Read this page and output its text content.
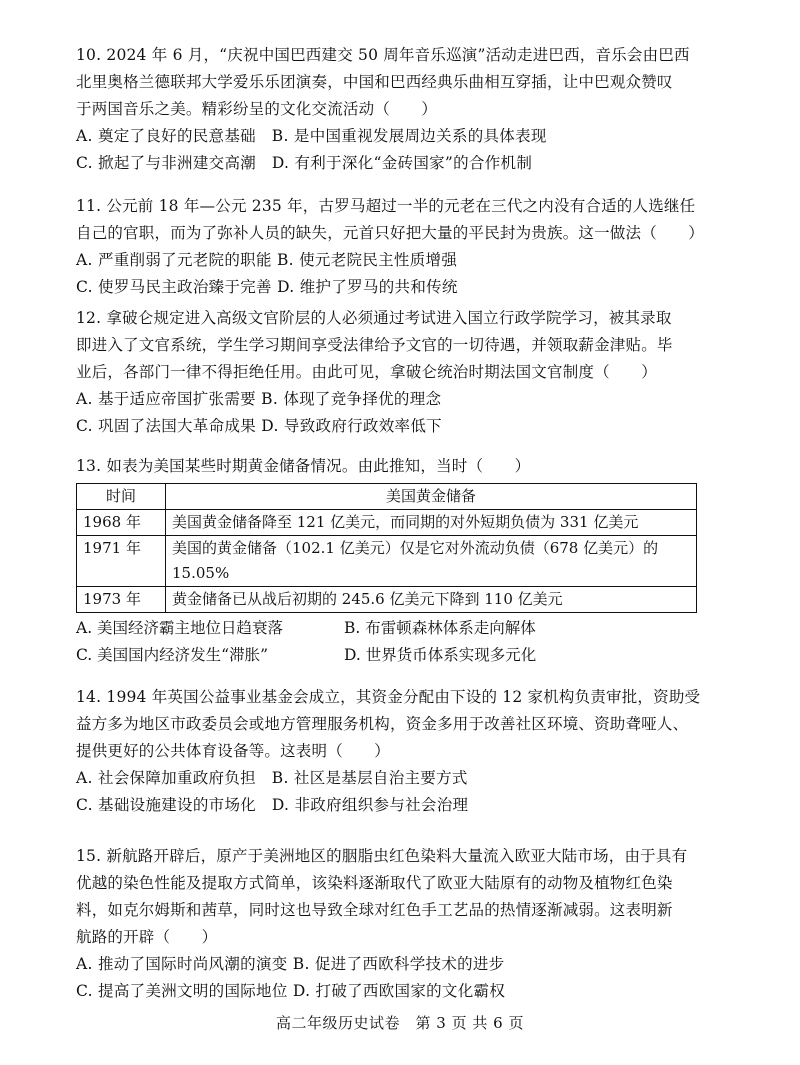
10. 2024 年 6 月，“庆祝中国巴西建交 50 周年音乐巡演”活动走进巴西，音乐会由巴西
北里奥格兰德联邦大学爱乐乐团演奏，中国和巴西经典乐曲相互穿插，让中巴观众赞叹
于两国音乐之美。精彩纷呈的文化交流活动（　　）
A. 奠定了良好的民意基础　B. 是中国重视发展周边关系的具体表现
C. 掀起了与非洲建交高潮　D. 有利于深化“金砖国家”的合作机制
11. 公元前 18 年—公元 235 年，古罗马超过一半的元老在三代之内没有合适的人选继任
自己的官职，而为了弥补人员的缺失，元首只好把大量的平民封为贵族。这一做法（　　）
A. 严重削弱了元老院的职能 B. 使元老院民主性质增强
C. 使罗马民主政治臻于完善 D. 维护了罗马的共和传统
12. 拿破仑规定进入高级文官阶层的人必须通过考试进入国立行政学院学习，被其录取
即进入了文官系统，学生学习期间享受法律给予文官的一切待遇，并领取薪金津贴。毕
业后，各部门一律不得拒绝任用。由此可见，拿破仑统治时期法国文官制度（　　）
A. 基于适应帝国扩张需要 B. 体现了竞争择优的理念
C. 巩固了法国大革命成果 D. 导致政府行政效率低下
13. 如表为美国某些时期黄金储备情况。由此推知，当时（　　）
时间	美国黄金储备
1968 年	美国黄金储备降至 121 亿美元，而同期的对外短期负债为 331 亿美元
1971 年	美国的黄金储备（102.1 亿美元）仅是它对外流动负债（678 亿美元）的 15.05%
1973 年	黄金储备已从战后初期的 245.6 亿美元下降到 110 亿美元
A. 美国经济霸主地位日趋衰落	B. 布雷顿森林体系走向解体
C. 美国国内经济发生“滞胀”	D. 世界货币体系实现多元化
14. 1994 年英国公益事业基金会成立，其资金分配由下设的 12 家机构负责审批，资助受
益方多为地区市政委员会或地方管理服务机构，资金多用于改善社区环境、资助聋哑人、
提供更好的公共体育设备等。这表明（　　）
A. 社会保障加重政府负担　B. 社区是基层自治主要方式
C. 基础设施建设的市场化　D. 非政府组织参与社会治理
15. 新航路开辟后，原产于美洲地区的胭脂虫红色染料大量流入欧亚大陆市场，由于具有
优越的染色性能及提取方式简单，该染料逐渐取代了欧亚大陆原有的动物及植物红色染
料，如克尔姆斯和茜草，同时这也导致全球对红色手工艺品的热情逐渐减弱。这表明新
航路的开辟（　　）
A. 推动了国际时尚风潮的演变 B. 促进了西欧科学技术的进步
C. 提高了美洲文明的国际地位 D. 打破了西欧国家的文化霸权
高二年级历史试卷　第 3 页 共 6 页
